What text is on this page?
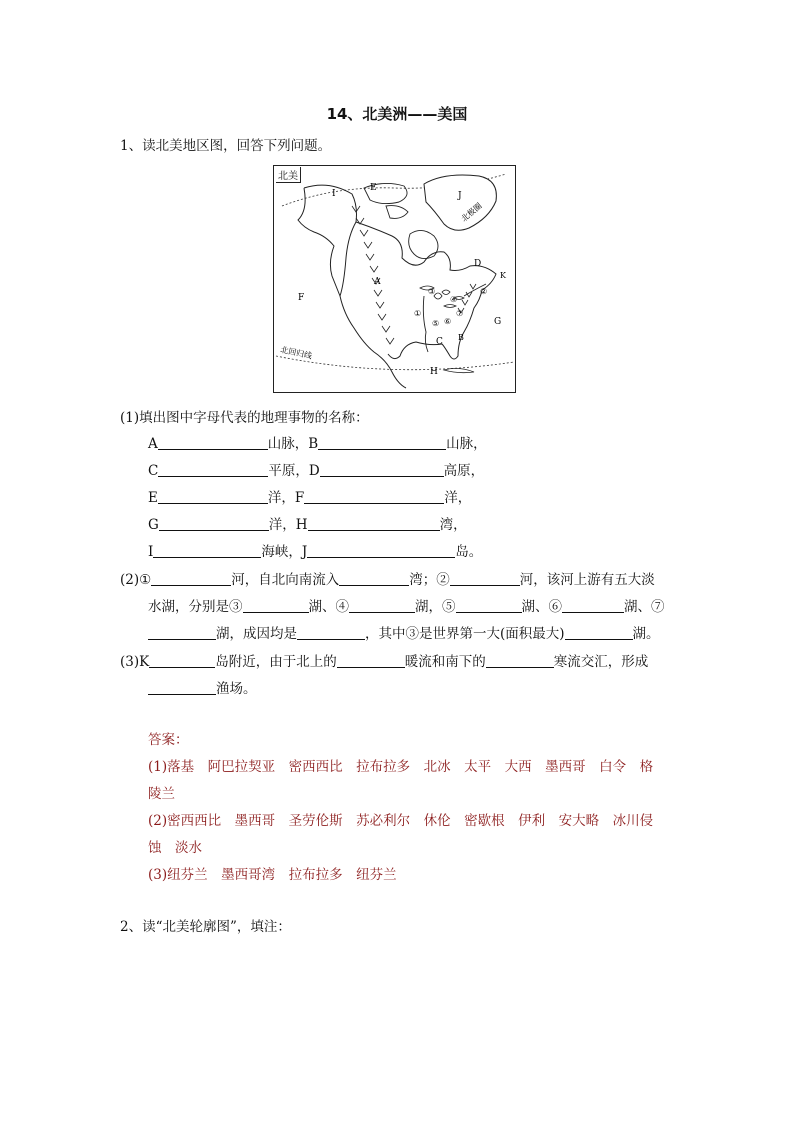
14、北美洲——美国
1、读北美地区图，回答下列问题。
北美
E
J
D
K
F
A
C B
G
H
I
③
④
②
①
⑤ ⑥
⑦
北回归线
北极圈
(1)填出图中字母代表的地理事物的名称：
A	山脉，B	山脉，
C	平原，D	高原，
E	洋，F	洋，
G	洋，H	湾，
I	海峡，J	岛。
(2)①	河，自北向南流入	湾；②	河，该河上游有五大淡
水湖，分别是③	湖、④	湖，⑤	湖、⑥	湖、⑦
湖，成因均是	，其中③是世界第一大(面积最大)	湖。
(3)K	岛附近，由于北上的	暖流和南下的	寒流交汇，形成
渔场。
答案：
(1)落基　阿巴拉契亚　密西西比　拉布拉多　北冰　太平　大西　墨西哥　白令　格
陵兰
(2)密西西比　墨西哥　圣劳伦斯　苏必利尔　休伦　密歇根　伊利　安大略　冰川侵
蚀　淡水
(3)纽芬兰　墨西哥湾　拉布拉多　纽芬兰
2、读“北美轮廓图”，填注：
